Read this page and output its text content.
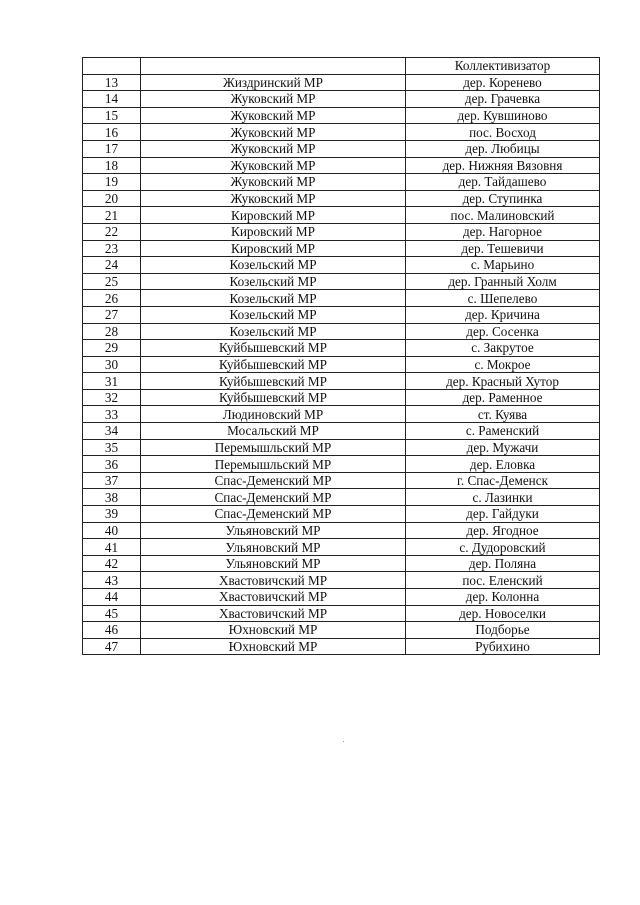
		Коллективизатор
13	Жиздринский МР	дер. Коренево
14	Жуковский МР	дер. Грачевка
15	Жуковский МР	дер. Кувшиново
16	Жуковский МР	пос. Восход
17	Жуковский МР	дер. Любицы
18	Жуковский МР	дер. Нижняя Вязовня
19	Жуковский МР	дер. Тайдашево
20	Жуковский МР	дер. Ступинка
21	Кировский МР	пос. Малиновский
22	Кировский МР	дер. Нагорное
23	Кировский МР	дер. Тешевичи
24	Козельский МР	с. Марьино
25	Козельский МР	дер. Гранный Холм
26	Козельский МР	с. Шепелево
27	Козельский МР	дер. Кричина
28	Козельский МР	дер. Сосенка
29	Куйбышевский МР	с. Закрутое
30	Куйбышевский МР	с. Мокрое
31	Куйбышевский МР	дер. Красный Хутор
32	Куйбышевский МР	дер. Раменное
33	Людиновский МР	ст. Куява
34	Мосальский МР	с. Раменский
35	Перемышльский МР	дер. Мужачи
36	Перемышльский МР	дер. Еловка
37	Спас-Деменский МР	г. Спас-Деменск
38	Спас-Деменский МР	с. Лазинки
39	Спас-Деменский МР	дер. Гайдуки
40	Ульяновский МР	дер. Ягодное
41	Ульяновский МР	с. Дудоровский
42	Ульяновский МР	дер. Поляна
43	Хвастовичский МР	пос. Еленский
44	Хвастовичский МР	дер. Колонна
45	Хвастовичский МР	дер. Новоселки
46	Юхновский МР	Подборье
47	Юхновский МР	Рубихино
